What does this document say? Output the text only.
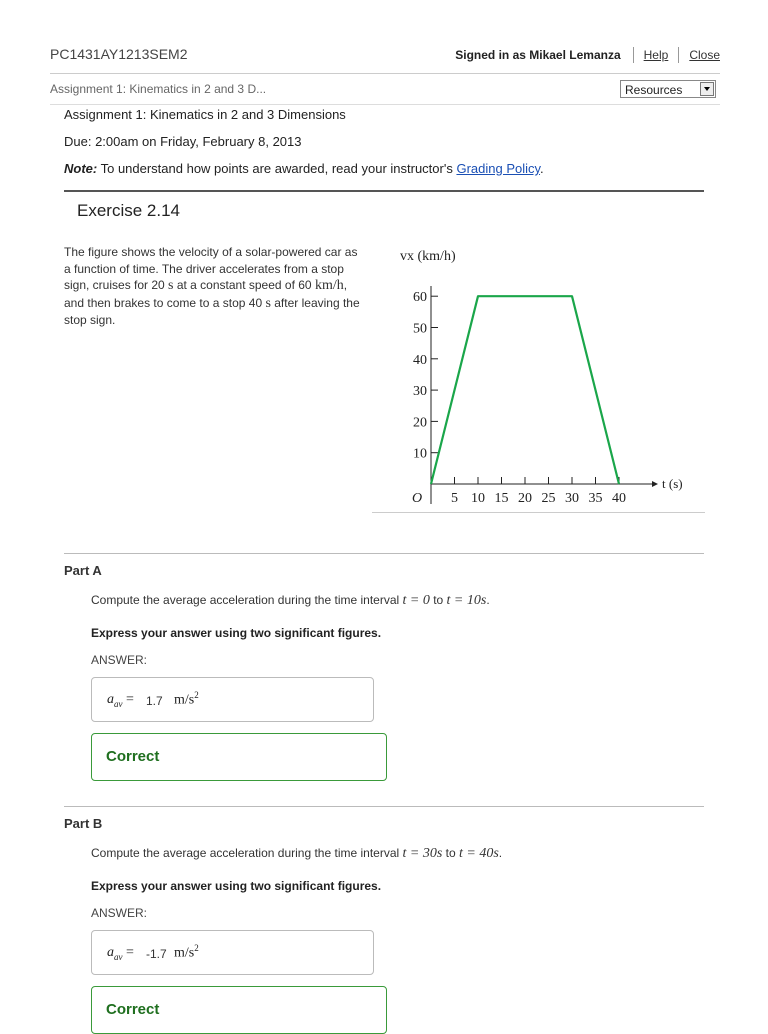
PC1431AY1213SEM2	Signed in as Mikael Lemanza	Help	Close
Assignment 1: Kinematics in 2 and 3 D...	Resources
Assignment 1: Kinematics in 2 and 3 Dimensions
Due: 2:00am on Friday, February 8, 2013
Note: To understand how points are awarded, read your instructor's Grading Policy.
Exercise 2.14
The figure shows the velocity of a solar-powered car as a function of time. The driver accelerates from a stop sign, cruises for 20 s at a constant speed of 60 km/h, and then brakes to come to a stop 40 s after leaving the stop sign.
10
20
30
40
50
60
5 10 15 20 25 30 35 40
O
vx (km/h)
t (s)
Part A
Compute the average acceleration during the time interval t = 0 to t = 10s.
Express your answer using two significant figures.
ANSWER:
$a_{av} = 1.7$ $m/s^2$
Correct
Part B
Compute the average acceleration during the time interval t = 30s to t = 40s.
Express your answer using two significant figures.
ANSWER:
$a_{av} = -1.7$ $m/s^2$
Correct
